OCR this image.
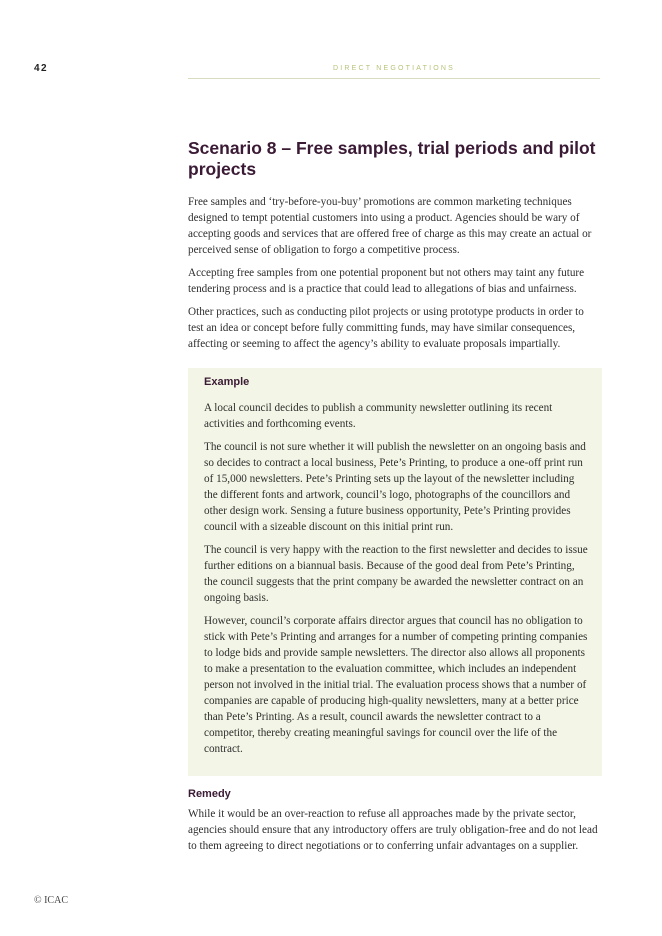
42	DIRECT NEGOTIATIONS
Scenario 8 – Free samples, trial periods and pilot projects

Free samples and ‘try-before-you-buy’ promotions are common marketing techniques designed to tempt potential customers into using a product. Agencies should be wary of accepting goods and services that are offered free of charge as this may create an actual or perceived sense of obligation to forgo a competitive process.

Accepting free samples from one potential proponent but not others may taint any future tendering process and is a practice that could lead to allegations of bias and unfairness.

Other practices, such as conducting pilot projects or using prototype products in order to test an idea or concept before fully committing funds, may have similar consequences, affecting or seeming to affect the agency’s ability to evaluate proposals impartially.

Example

A local council decides to publish a community newsletter outlining its recent activities and forthcoming events.

The council is not sure whether it will publish the newsletter on an ongoing basis and so decides to contract a local business, Pete’s Printing, to produce a one-off print run of 15,000 newsletters. Pete’s Printing sets up the layout of the newsletter including the different fonts and artwork, council’s logo, photographs of the councillors and other design work. Sensing a future business opportunity, Pete’s Printing provides council with a sizeable discount on this initial print run.

The council is very happy with the reaction to the first newsletter and decides to issue further editions on a biannual basis. Because of the good deal from Pete’s Printing, the council suggests that the print company be awarded the newsletter contract on an ongoing basis.

However, council’s corporate affairs director argues that council has no obligation to stick with Pete’s Printing and arranges for a number of competing printing companies to lodge bids and provide sample newsletters. The director also allows all proponents to make a presentation to the evaluation committee, which includes an independent person not involved in the initial trial. The evaluation process shows that a number of companies are capable of producing high-quality newsletters, many at a better price than Pete’s Printing. As a result, council awards the newsletter contract to a competitor, thereby creating meaningful savings for council over the life of the contract.

Remedy

While it would be an over-reaction to refuse all approaches made by the private sector, agencies should ensure that any introductory offers are truly obligation-free and do not lead to them agreeing to direct negotiations or to conferring unfair advantages on a supplier.

© ICAC
